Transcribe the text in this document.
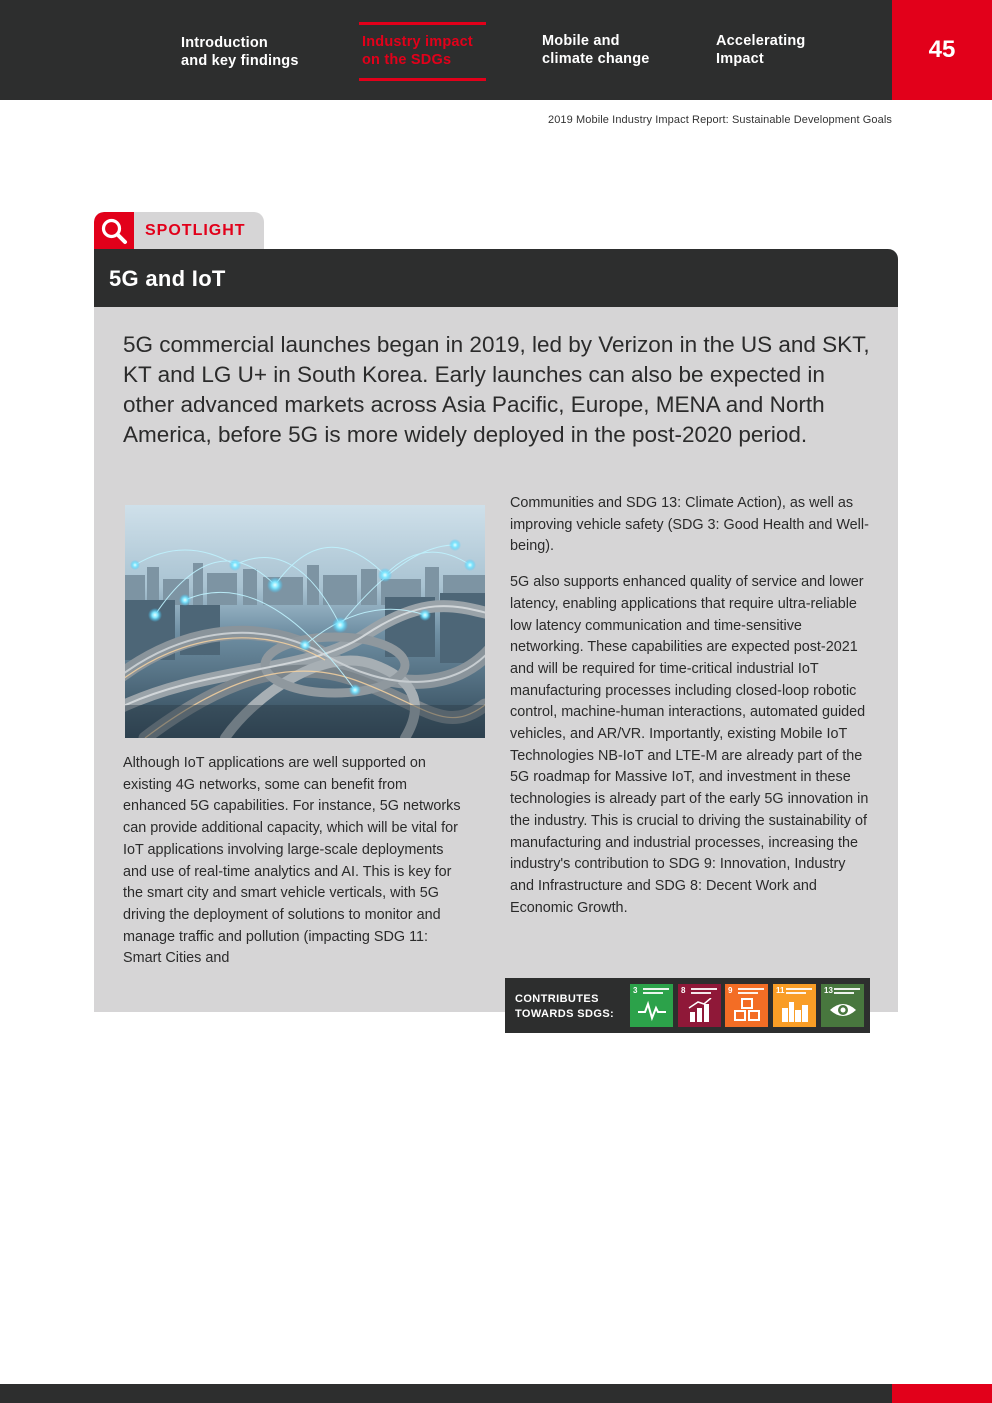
Introduction
and key findings
Industry impact
on the SDGs
Mobile and
climate change
Accelerating
Impact	45
2019 Mobile Industry Impact Report: Sustainable Development Goals
SPOTLIGHT
5G and IoT

5G commercial launches began in 2019, led by Verizon in the US and SKT, KT and LG U+ in South Korea. Early launches can also be expected in other advanced markets across Asia Pacific, Europe, MENA and North America, before 5G is more widely deployed in the post-2020 period.

Although IoT applications are well supported on existing 4G networks, some can benefit from enhanced 5G capabilities. For instance, 5G networks can provide additional capacity, which will be vital for IoT applications involving large-scale deployments and use of real-time analytics and AI. This is key for the smart city and smart vehicle verticals, with 5G driving the deployment of solutions to monitor and manage traffic and pollution (impacting SDG 11: Smart Cities and

Communities and SDG 13: Climate Action), as well as improving vehicle safety (SDG 3: Good Health and Well-being).

5G also supports enhanced quality of service and lower latency, enabling applications that require ultra-reliable low latency communication and time-sensitive networking. These capabilities are expected post-2021 and will be required for time-critical industrial IoT manufacturing processes including closed-loop robotic control, machine-human interactions, automated guided vehicles, and AR/VR. Importantly, existing Mobile IoT Technologies NB-IoT and LTE-M are already part of the 5G roadmap for Massive IoT, and investment in these technologies is already part of the early 5G innovation in the industry. This is crucial to driving the sustainability of manufacturing and industrial processes, increasing the industry's contribution to SDG 9: Innovation, Industry and Infrastructure and SDG 8: Decent Work and Economic Growth.

CONTRIBUTES
TOWARDS SDGS:
3	8	9	11	13
